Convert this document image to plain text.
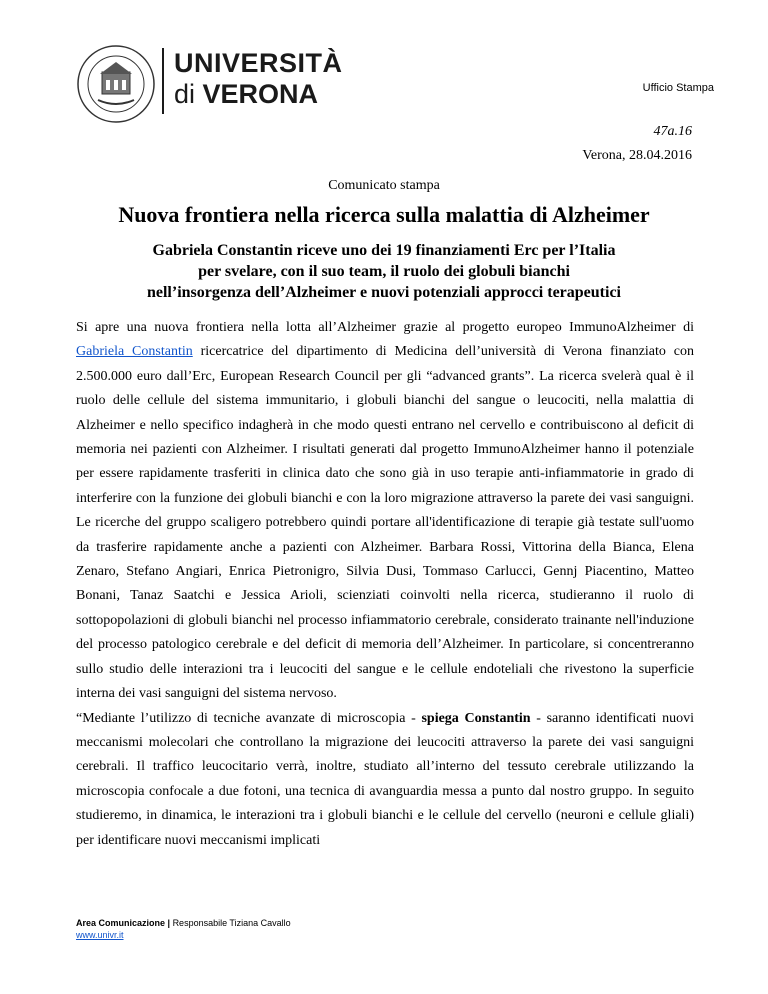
UNIVERSITÀ
di VERONA	Ufficio Stampa
47a.16
Verona, 28.04.2016
Comunicato stampa
Nuova frontiera nella ricerca sulla malattia di Alzheimer
Gabriela Constantin riceve uno dei 19 finanziamenti Erc per l’Italia
per svelare, con il suo team, il ruolo dei globuli bianchi
nell’insorgenza dell’Alzheimer e nuovi potenziali approcci terapeutici

Si apre una nuova frontiera nella lotta all’Alzheimer grazie al progetto europeo ImmunoAlzheimer di Gabriela Constantin ricercatrice del dipartimento di Medicina dell’università di Verona finanziato con 2.500.000 euro dall’Erc, European Research Council per gli “advanced grants”. La ricerca svelerà qual è il ruolo delle cellule del sistema immunitario, i globuli bianchi del sangue o leucociti, nella malattia di Alzheimer e nello specifico indagherà in che modo questi entrano nel cervello e contribuiscono al deficit di memoria nei pazienti con Alzheimer. I risultati generati dal progetto ImmunoAlzheimer hanno il potenziale per essere rapidamente trasferiti in clinica dato che sono già in uso terapie anti-infiammatorie in grado di interferire con la funzione dei globuli bianchi e con la loro migrazione attraverso la parete dei vasi sanguigni. Le ricerche del gruppo scaligero potrebbero quindi portare all'identificazione di terapie già testate sull'uomo da trasferire rapidamente anche a pazienti con Alzheimer. Barbara Rossi, Vittorina della Bianca, Elena Zenaro, Stefano Angiari, Enrica Pietronigro, Silvia Dusi, Tommaso Carlucci, Gennj Piacentino, Matteo Bonani, Tanaz Saatchi e Jessica Arioli, scienziati coinvolti nella ricerca, studieranno il ruolo di sottopopolazioni di globuli bianchi nel processo infiammatorio cerebrale, considerato trainante nell'induzione del processo patologico cerebrale e del deficit di memoria dell’Alzheimer. In particolare, si concentreranno sullo studio delle interazioni tra i leucociti del sangue e le cellule endoteliali che rivestono la superficie interna dei vasi sanguigni del sistema nervoso.

“Mediante l’utilizzo di tecniche avanzate di microscopia - spiega Constantin - saranno identificati nuovi meccanismi molecolari che controllano la migrazione dei leucociti attraverso la parete dei vasi sanguigni cerebrali. Il traffico leucocitario verrà, inoltre, studiato all’interno del tessuto cerebrale utilizzando la microscopia confocale a due fotoni, una tecnica di avanguardia messa a punto dal nostro gruppo. In seguito studieremo, in dinamica, le interazioni tra i globuli bianchi e le cellule del cervello (neuroni e cellule gliali) per identificare nuovi meccanismi implicati

Area Comunicazione | Responsabile Tiziana Cavallo
www.univr.it
